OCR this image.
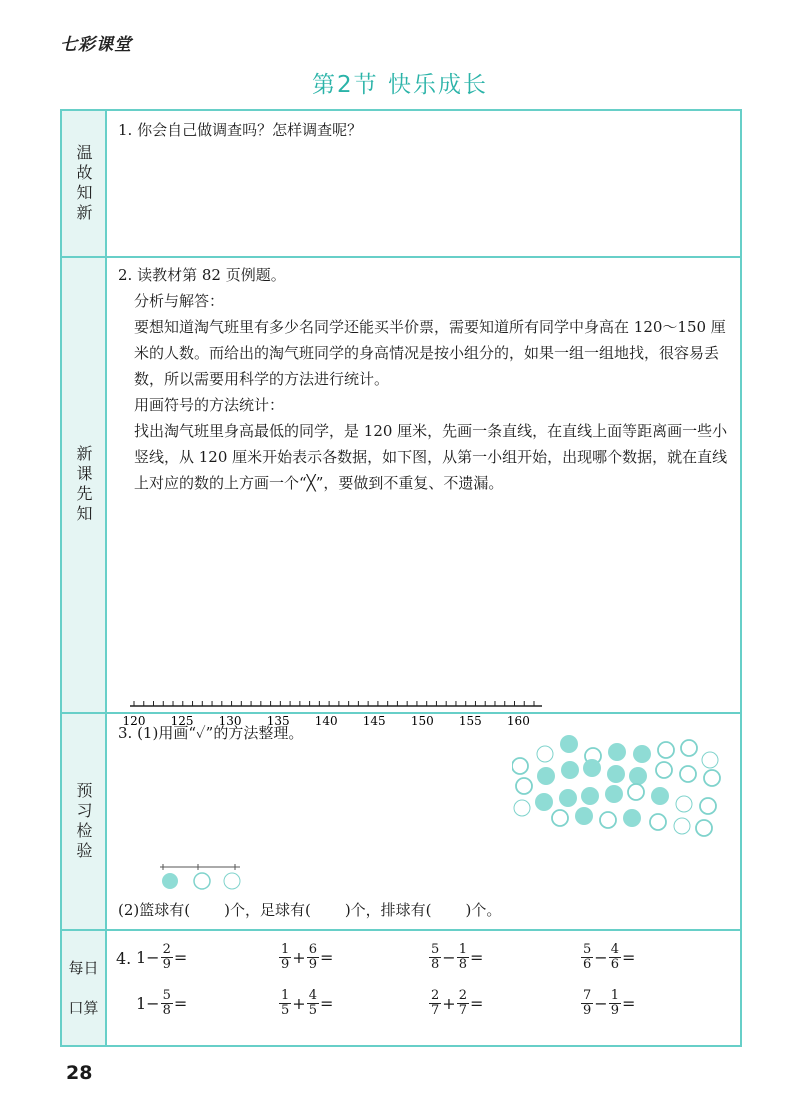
七彩课堂
第2节 快乐成长
温故知新

1. 你会自己做调查吗？怎样调查呢？

新课先知

2. 读教材第 82 页例题。

分析与解答：

要想知道淘气班里有多少名同学还能买半价票，需要知道所有同学中身高在 120～150 厘米的人数。而给出的淘气班同学的身高情况是按小组分的，如果一组一组地找，很容易丢数，所以需要用科学的方法进行统计。

用画符号的方法统计：

找出淘气班里身高最低的同学，是 120 厘米，先画一条直线，在直线上面等距离画一些小竖线，从 120 厘米开始表示各数据，如下图，从第一小组开始，出现哪个数据，就在直线上对应的数的上方画一个“╳”，要做到不重复、不遗漏。

120 125 130 135 140 145 150 155 160
预习检验

3. (1)用画“✓”的方法整理。

(2)篮球有( )个，足球有( )个，排球有( )个。

每日
口算
4. $1- \frac{2}{9}$ =	$\frac{1}{9} + \frac{6}{9}$ =	$\frac{5}{8} - \frac{1}{8}$ =	$\frac{5}{6} - \frac{4}{6}$ =
$1- \frac{5}{8}$ =	$\frac{1}{5} + \frac{4}{5}$ =	$\frac{2}{7} + \frac{2}{7}$ =	$\frac{7}{9} - \frac{1}{9}$ =
28
